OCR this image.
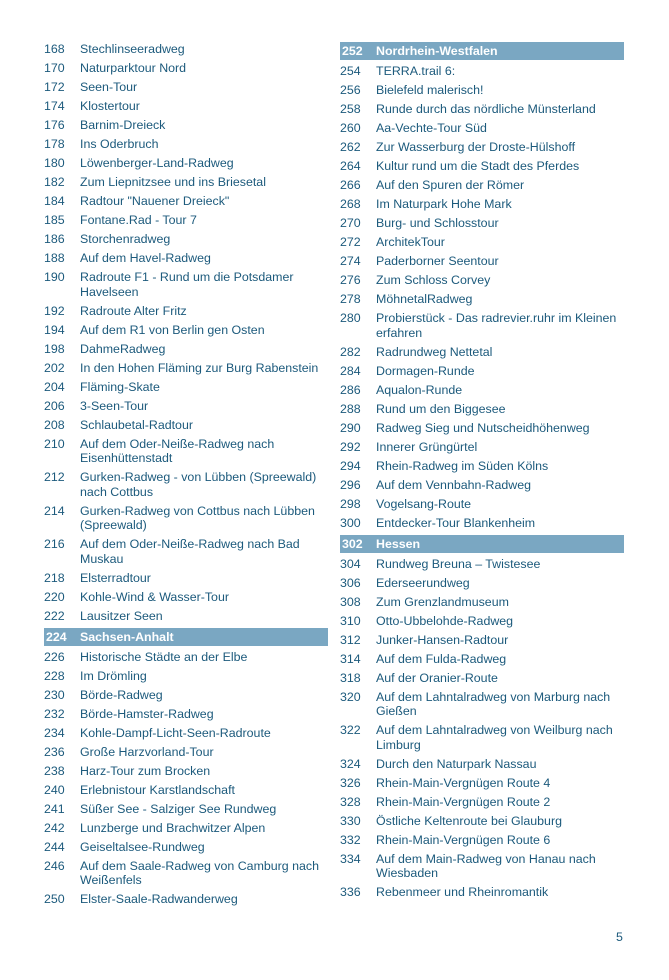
168	Stechlinseeradweg
170	Naturparktour Nord
172	Seen-Tour
174	Klostertour
176	Barnim-Dreieck
178	Ins Oderbruch
180	Löwenberger-Land-Radweg
182	Zum Liepnitzsee und ins Briesetal
184	Radtour "Nauener Dreieck"
185	Fontane.Rad - Tour 7
186	Storchenradweg
188	Auf dem Havel-Radweg
190	Radroute F1 - Rund um die Potsdamer Havelseen
192	Radroute Alter Fritz
194	Auf dem R1 von Berlin gen Osten
198	DahmeRadweg
202	In den Hohen Fläming zur Burg Rabenstein
204	Fläming-Skate
206	3-Seen-Tour
208	Schlaubetal-Radtour
210	Auf dem Oder-Neiße-Radweg nach Eisenhüttenstadt
212	Gurken-Radweg - von Lübben (Spreewald) nach Cottbus
214	Gurken-Radweg von Cottbus nach Lübben (Spreewald)
216	Auf dem Oder-Neiße-Radweg nach Bad Muskau
218	Elsterradtour
220	Kohle-Wind & Wasser-Tour
222	Lausitzer Seen
224	Sachsen-Anhalt
226	Historische Städte an der Elbe
228	Im Drömling
230	Börde-Radweg
232	Börde-Hamster-Radweg
234	Kohle-Dampf-Licht-Seen-Radroute
236	Große Harzvorland-Tour
238	Harz-Tour zum Brocken
240	Erlebnistour Karstlandschaft
241	Süßer See - Salziger See Rundweg
242	Lunzberge und Brachwitzer Alpen
244	Geiseltalsee-Rundweg
246	Auf dem Saale-Radweg von Camburg nach Weißenfels
250	Elster-Saale-Radwanderweg
252	Nordrhein-Westfalen
254	TERRA.trail 6:
256	Bielefeld malerisch!
258	Runde durch das nördliche Münsterland
260	Aa-Vechte-Tour Süd
262	Zur Wasserburg der Droste-Hülshoff
264	Kultur rund um die Stadt des Pferdes
266	Auf den Spuren der Römer
268	Im Naturpark Hohe Mark
270	Burg- und Schlosstour
272	ArchitekTour
274	Paderborner Seentour
276	Zum Schloss Corvey
278	MöhnetalRadweg
280	Probierstück - Das radrevier.ruhr im Kleinen erfahren
282	Radrundweg Nettetal
284	Dormagen-Runde
286	Aqualon-Runde
288	Rund um den Biggesee
290	Radweg Sieg und Nutscheidhöhenweg
292	Innerer Grüngürtel
294	Rhein-Radweg im Süden Kölns
296	Auf dem Vennbahn-Radweg
298	Vogelsang-Route
300	Entdecker-Tour Blankenheim
302	Hessen
304	Rundweg Breuna – Twistesee
306	Ederseerundweg
308	Zum Grenzlandmuseum
310	Otto-Ubbelohde-Radweg
312	Junker-Hansen-Radtour
314	Auf dem Fulda-Radweg
318	Auf der Oranier-Route
320	Auf dem Lahntalradweg von Marburg nach Gießen
322	Auf dem Lahntalradweg von Weilburg nach Limburg
324	Durch den Naturpark Nassau
326	Rhein-Main-Vergnügen Route 4
328	Rhein-Main-Vergnügen Route 2
330	Östliche Keltenroute bei Glauburg
332	Rhein-Main-Vergnügen Route 6
334	Auf dem Main-Radweg von Hanau nach Wiesbaden
336	Rebenmeer und Rheinromantik
5
